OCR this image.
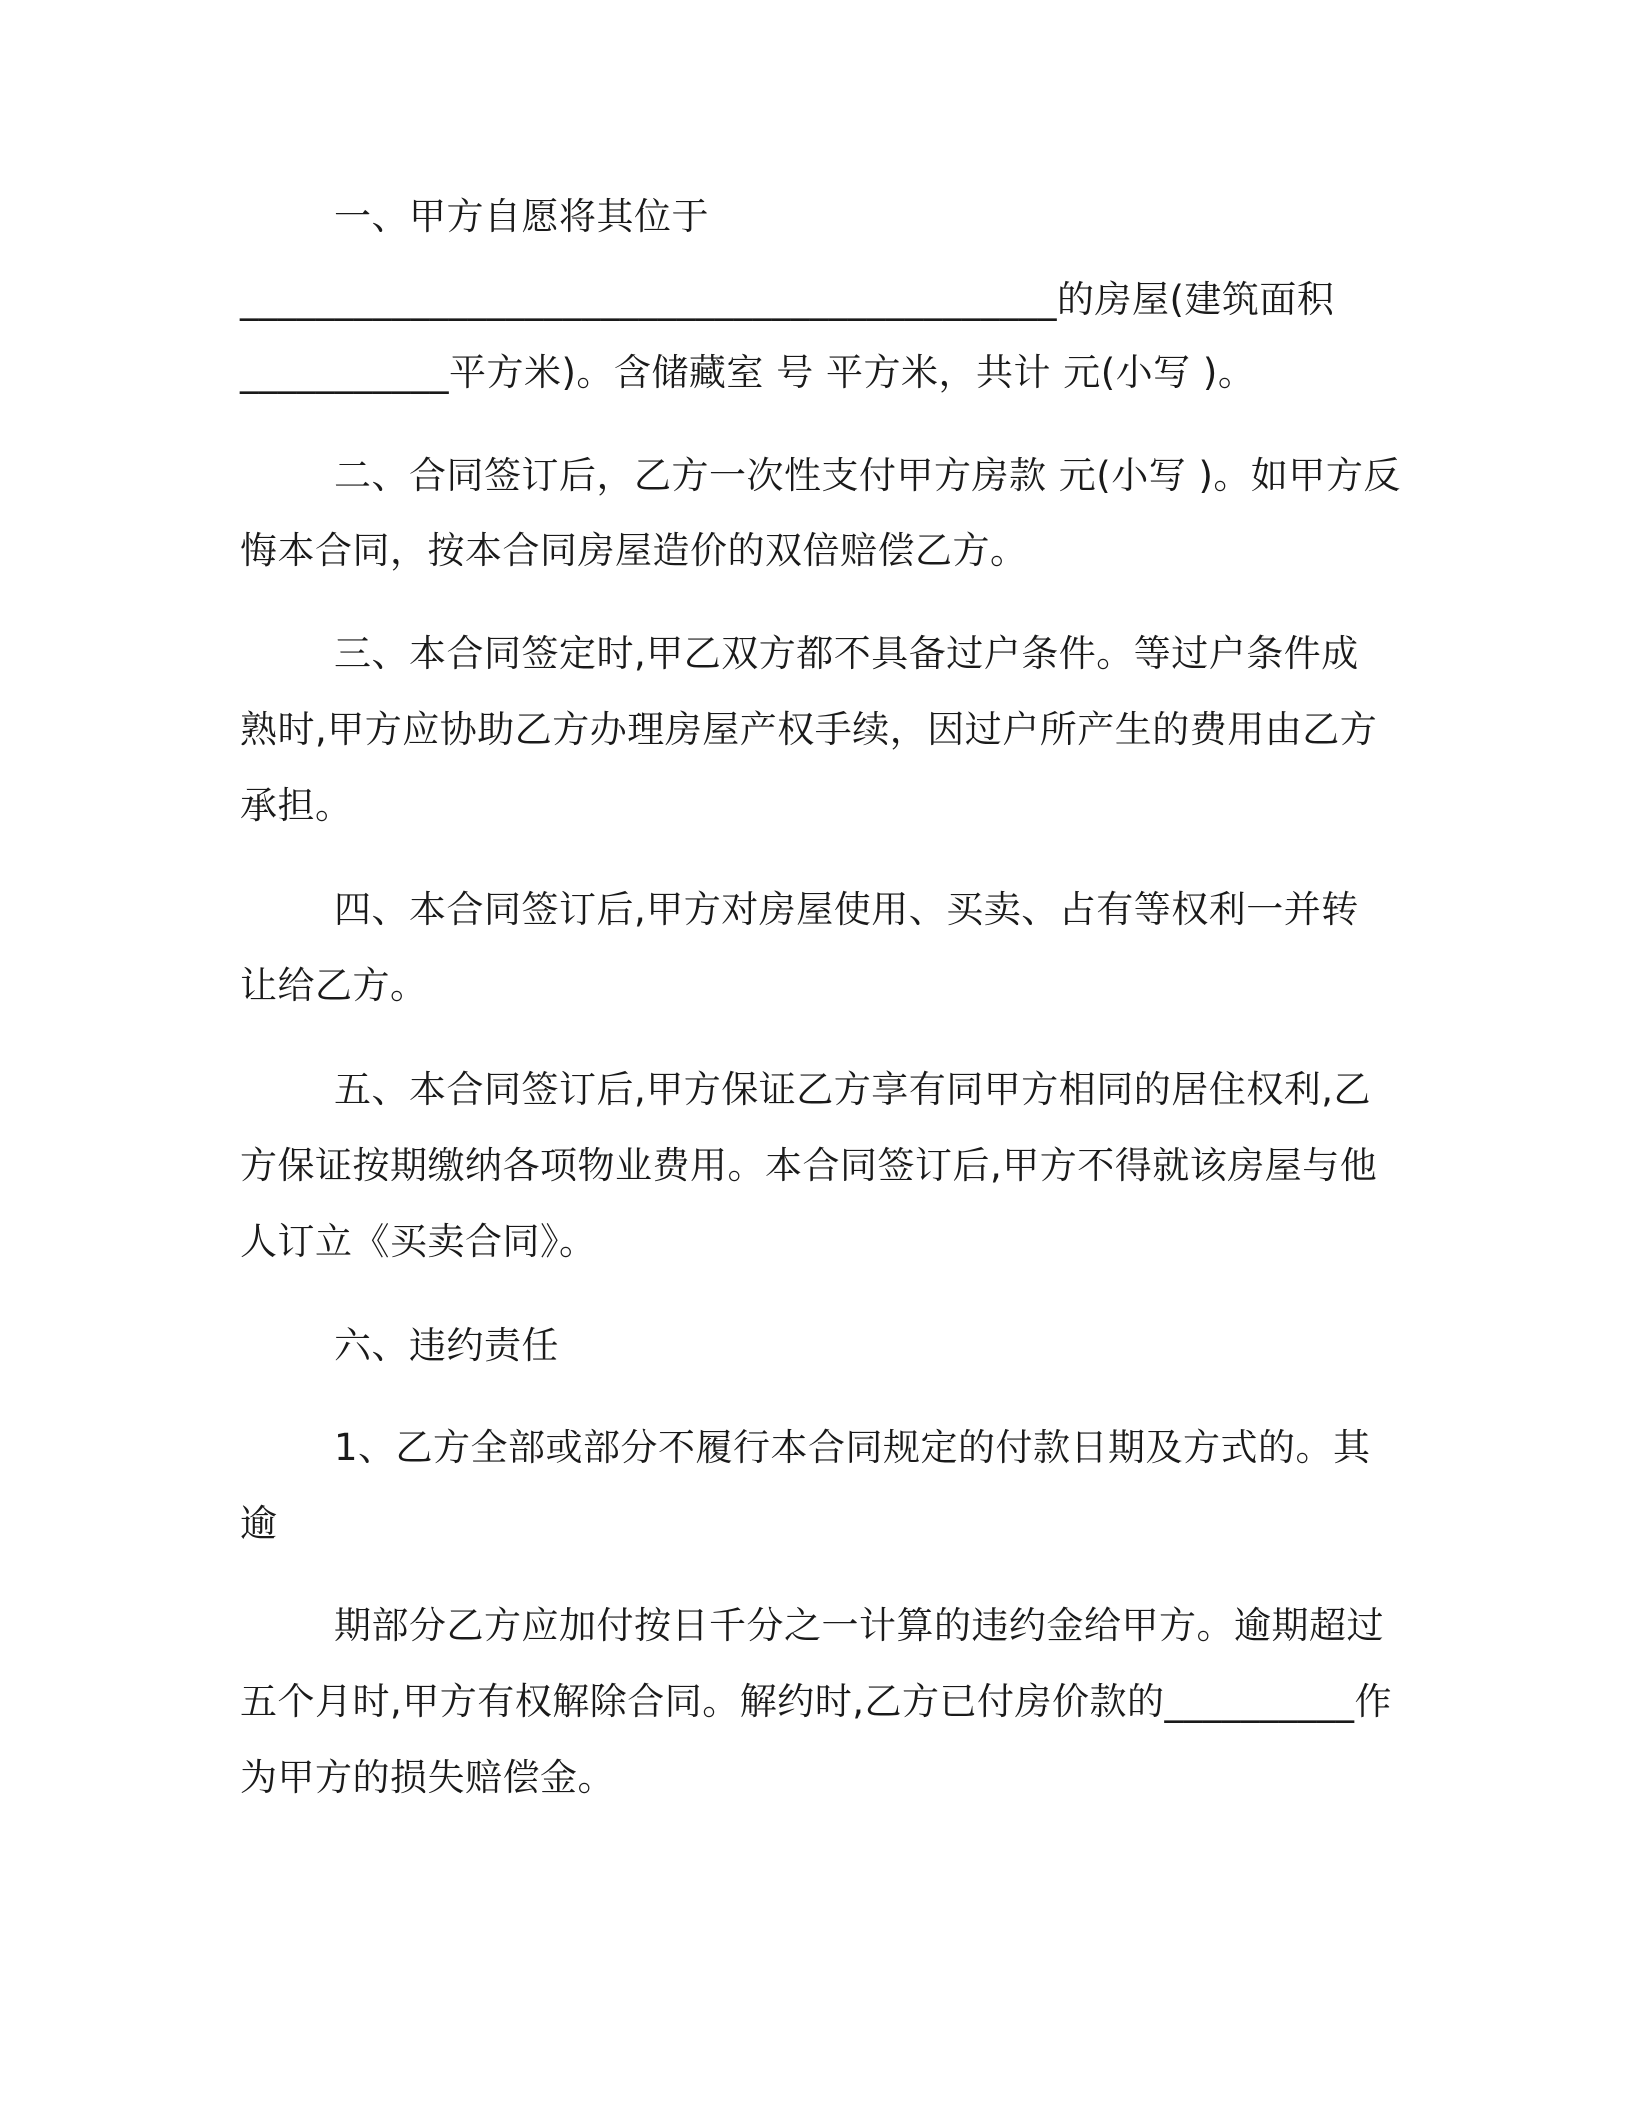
一、甲方自愿将其位于
___________________________________________的房屋(建筑面积
___________平方米)。含储藏室 号 平方米，共计 元(小写 )。
二、合同签订后，乙方一次性支付甲方房款 元(小写 )。如甲方反
悔本合同，按本合同房屋造价的双倍赔偿乙方。
三、本合同签定时,甲乙双方都不具备过户条件。等过户条件成
熟时,甲方应协助乙方办理房屋产权手续，因过户所产生的费用由乙方
承担。
四、本合同签订后,甲方对房屋使用、买卖、占有等权利一并转
让给乙方。
五、本合同签订后,甲方保证乙方享有同甲方相同的居住权利,乙
方保证按期缴纳各项物业费用。本合同签订后,甲方不得就该房屋与他
人订立《买卖合同》。
六、违约责任
1、乙方全部或部分不履行本合同规定的付款日期及方式的。其
逾
期部分乙方应加付按日千分之一计算的违约金给甲方。逾期超过
五个月时,甲方有权解除合同。解约时,乙方已付房价款的__________作
为甲方的损失赔偿金。
